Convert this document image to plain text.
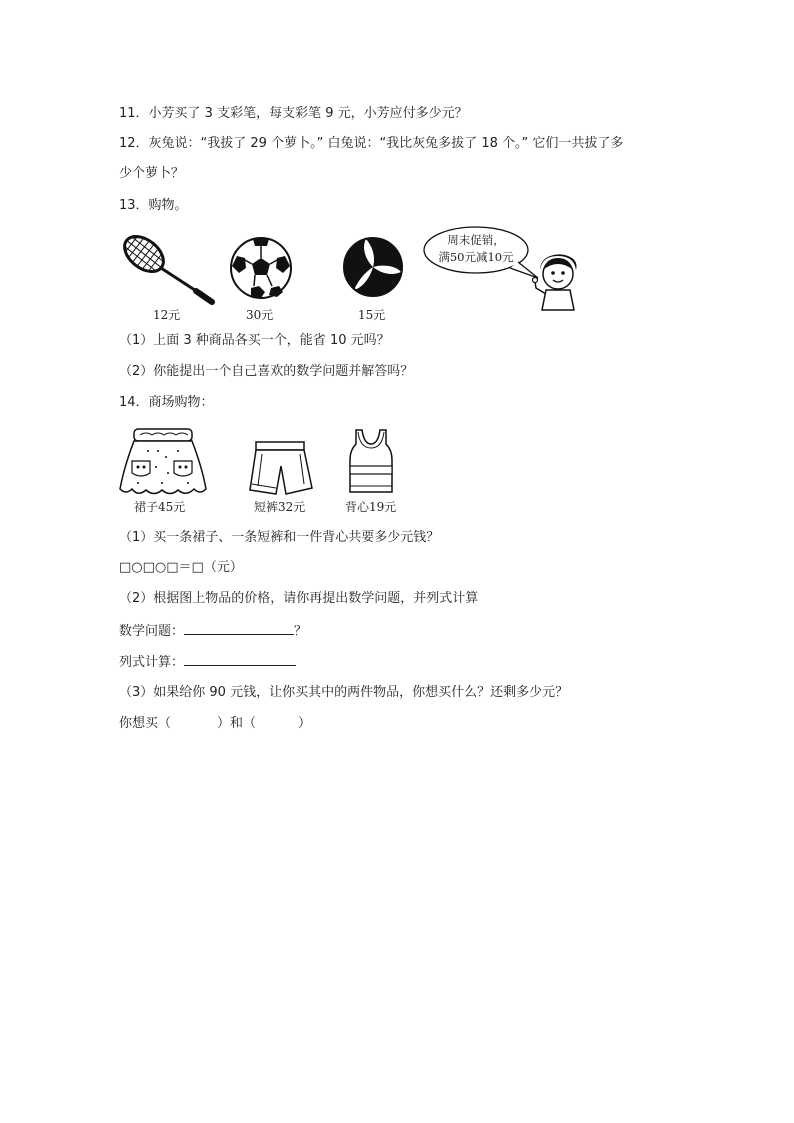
11．小芳买了 3 支彩笔，每支彩笔 9 元，小芳应付多少元？
12．灰兔说：“我拔了 29 个萝卜。” 白兔说：“我比灰兔多拔了 18 个。” 它们一共拔了多
少个萝卜？
13．购物。
12元	30元	15元
周末促销，
满50元减10元
（1）上面 3 种商品各买一个，能省 10 元吗？
（2）你能提出一个自己喜欢的数学问题并解答吗？
14．商场购物：
裙子45元	短裤32元	背心19元
（1）买一条裙子、一条短裤和一件背心共要多少元钱？
□○□○□＝□（元）
（2）根据图上物品的价格，请你再提出数学问题，并列式计算
数学问题：	？
列式计算：
（3）如果给你 90 元钱，让你买其中的两件物品，你想买什么？还剩多少元？
你想买（	）和（	）
